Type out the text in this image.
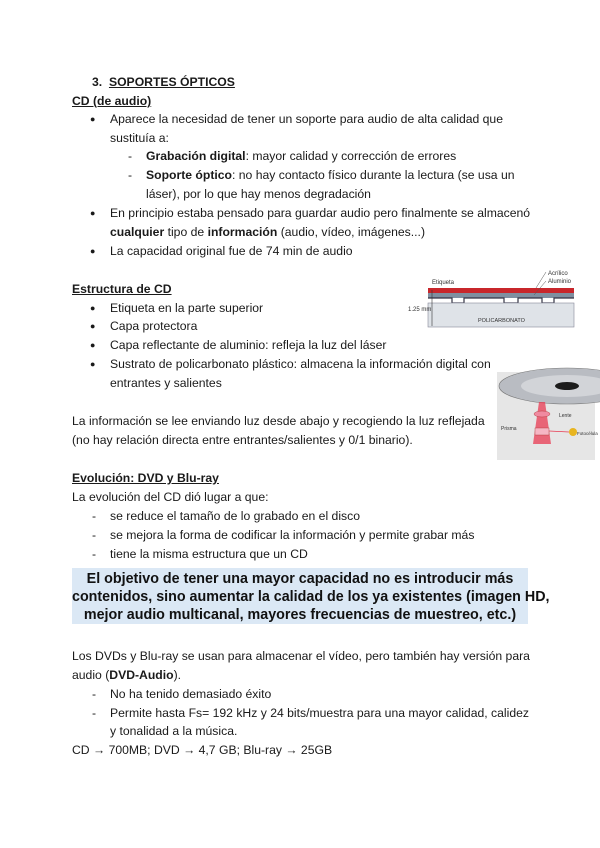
3. SOPORTES ÓPTICOS
CD (de audio)
● Aparece la necesidad de tener un soporte para audio de alta calidad que
sustituía a:
- Grabación digital: mayor calidad y corrección de errores
- Soporte óptico: no hay contacto físico durante la lectura (se usa un
láser), por lo que hay menos degradación
● En principio estaba pensado para guardar audio pero finalmente se almacenó
cualquier tipo de información (audio, vídeo, imágenes...)
● La capacidad original fue de 74 min de audio
Estructura de CD
● Etiqueta en la parte superior
● Capa protectora
● Capa reflectante de aluminio: refleja la luz del láser
● Sustrato de policarbonato plástico: almacena la información digital con
entrantes y salientes
La información se lee enviando luz desde abajo y recogiendo la luz reflejada
(no hay relación directa entre entrantes/salientes y 0/1 binario).
Etiqueta
Acrílico
Aluminio
1.25 mm
POLICARBONATO
Lente
Prisma
Fotocélula
Evolución: DVD y Blu-ray
La evolución del CD dió lugar a que:
- se reduce el tamaño de lo grabado en el disco
- se mejora la forma de codificar la información y permite grabar más
- tiene la misma estructura que un CD
El objetivo de tener una mayor capacidad no es introducir más
contenidos, sino aumentar la calidad de los ya existentes (imagen HD,
mejor audio multicanal, mayores frecuencias de muestreo, etc.)
Los DVDs y Blu-ray se usan para almacenar el vídeo, pero también hay versión para
audio (DVD-Audio).
- No ha tenido demasiado éxito
- Permite hasta Fs= 192 kHz y 24 bits/muestra para una mayor calidad, calidez
y tonalidad a la música.
CD → 700MB; DVD → 4,7 GB; Blu-ray → 25GB
